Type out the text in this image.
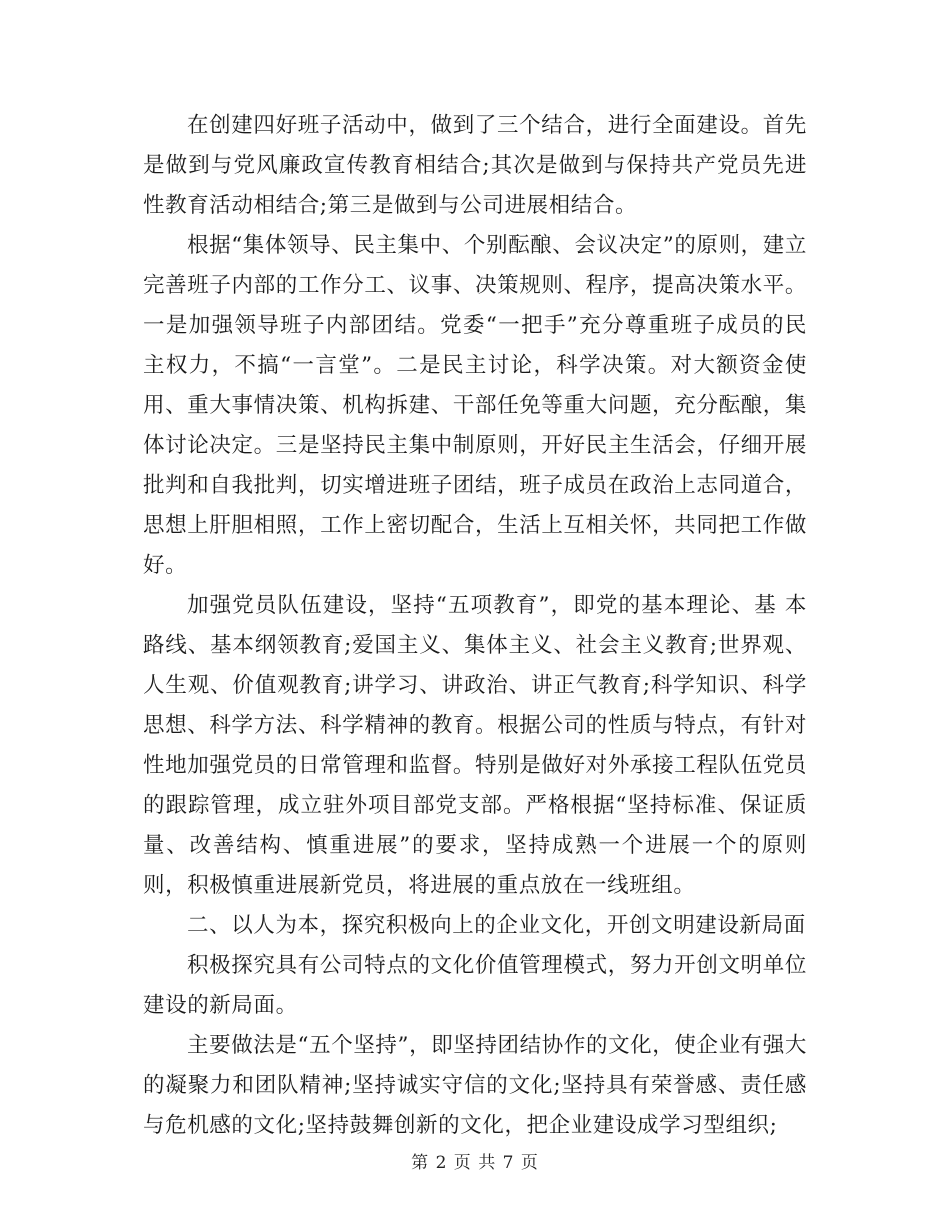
在创建四好班子活动中，做到了三个结合，进行全面建设。首先是做到与党风廉政宣传教育相结合;其次是做到与保持共产党员先进性教育活动相结合;第三是做到与公司进展相结合。

根据“集体领导、民主集中、个别酝酿、会议决定”的原则，建立完善班子内部的工作分工、议事、决策规则、程序，提高决策水平。一是加强领导班子内部团结。党委“一把手”充分尊重班子成员的民主权力，不搞“一言堂”。二是民主讨论，科学决策。对大额资金使用、重大事情决策、机构拆建、干部任免等重大问题，充分酝酿，集体讨论决定。三是坚持民主集中制原则，开好民主生活会，仔细开展批判和自我批判，切实增进班子团结，班子成员在政治上志同道合，思想上肝胆相照，工作上密切配合，生活上互相关怀，共同把工作做好。

加强党员队伍建设，坚持“五项教育”，即党的基本理论、基 本路线、基本纲领教育;爱国主义、集体主义、社会主义教育;世界观、人生观、价值观教育;讲学习、讲政治、讲正气教育;科学知识、科学思想、科学方法、科学精神的教育。根据公司的性质与特点，有针对性地加强党员的日常管理和监督。特别是做好对外承接工程队伍党员的跟踪管理，成立驻外项目部党支部。严格根据“坚持标准、保证质量、改善结构、慎重进展”的要求，坚持成熟一个进展一个的原则则，积极慎重进展新党员，将进展的重点放在一线班组。

二、以人为本，探究积极向上的企业文化，开创文明建设新局面

积极探究具有公司特点的文化价值管理模式，努力开创文明单位建设的新局面。

主要做法是“五个坚持”，即坚持团结协作的文化，使企业有强大的凝聚力和团队精神;坚持诚实守信的文化;坚持具有荣誉感、责任感与危机感的文化;坚持鼓舞创新的文化，把企业建设成学习型组织;

第 2 页 共 7 页
